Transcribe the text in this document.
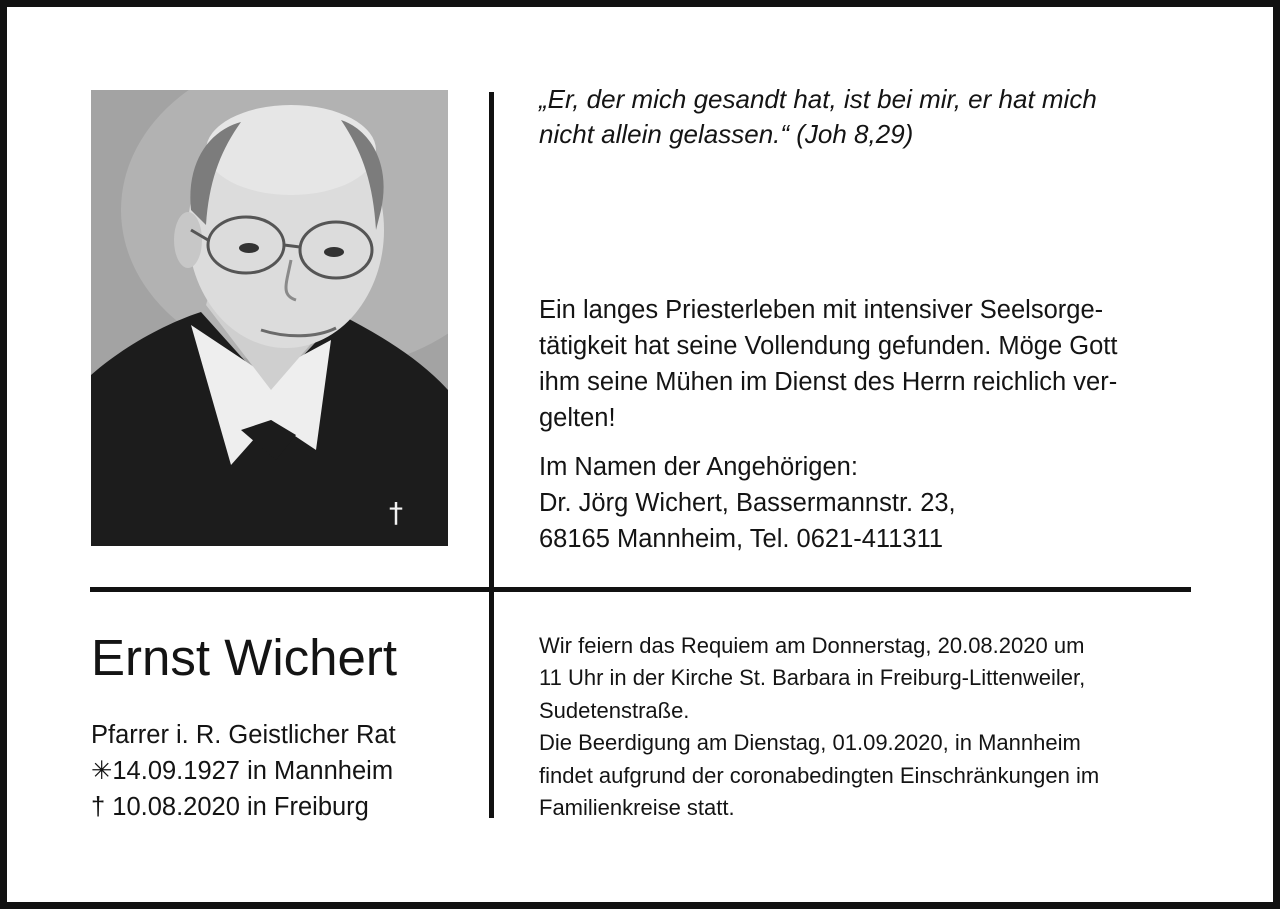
†

„Er, der mich gesandt hat, ist bei mir, er hat mich
nicht allein gelassen.“ (Joh 8,29)

Ein langes Priesterleben mit intensiver Seelsorge-
tätigkeit hat seine Vollendung gefunden. Möge Gott
ihm seine Mühen im Dienst des Herrn reichlich ver-
gelten!
Im Namen der Angehörigen:
Dr. Jörg Wichert, Bassermannstr. 23,
68165 Mannheim, Tel. 0621-411311
Ernst Wichert
Pfarrer i. R. Geistlicher Rat
✳14.09.1927 in Mannheim
† 10.08.2020 in Freiburg
Wir feiern das Requiem am Donnerstag, 20.08.2020 um
11 Uhr in der Kirche St. Barbara in Freiburg-Littenweiler,
Sudetenstraße.
Die Beerdigung am Dienstag, 01.09.2020, in Mannheim
findet aufgrund der coronabedingten Einschränkungen im
Familienkreise statt.
